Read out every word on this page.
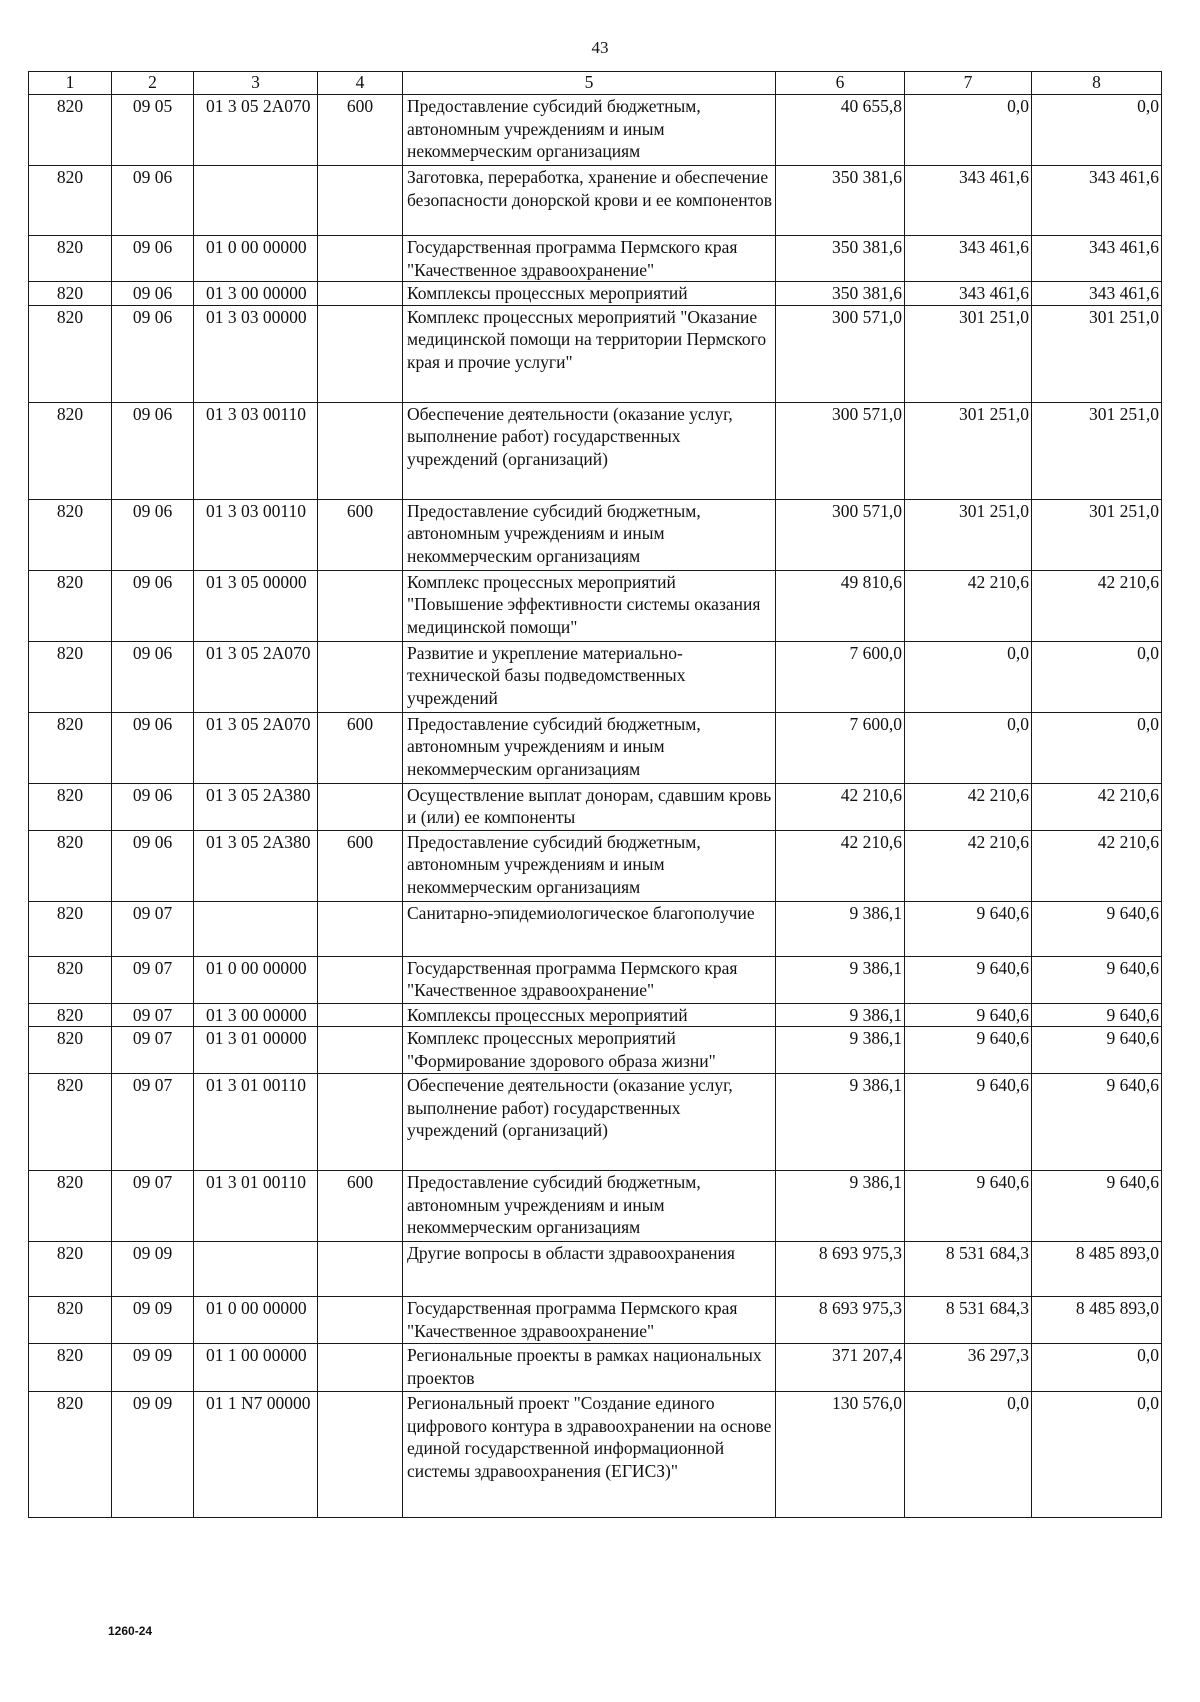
43
1	2	3	4	5	6	7	8
820	09 05	01 3 05 2А070	600	Предоставление субсидий бюджетным, автономным учреждениям и иным некоммерческим организациям	40 655,8	0,0	0,0
820	09 06			Заготовка, переработка, хранение и обеспечение безопасности донорской крови и ее компонентов	350 381,6	343 461,6	343 461,6
820	09 06	01 0 00 00000		Государственная программа Пермского края "Качественное здравоохранение"	350 381,6	343 461,6	343 461,6
820	09 06	01 3 00 00000		Комплексы процессных мероприятий	350 381,6	343 461,6	343 461,6
820	09 06	01 3 03 00000		Комплекс процессных мероприятий "Оказание медицинской помощи на территории Пермского края и прочие услуги"	300 571,0	301 251,0	301 251,0
820	09 06	01 3 03 00110		Обеспечение деятельности (оказание услуг, выполнение работ) государственных учреждений (организаций)	300 571,0	301 251,0	301 251,0
820	09 06	01 3 03 00110	600	Предоставление субсидий бюджетным, автономным учреждениям и иным некоммерческим организациям	300 571,0	301 251,0	301 251,0
820	09 06	01 3 05 00000		Комплекс процессных мероприятий "Повышение эффективности системы оказания медицинской помощи"	49 810,6	42 210,6	42 210,6
820	09 06	01 3 05 2А070		Развитие и укрепление материально-технической базы подведомственных учреждений	7 600,0	0,0	0,0
820	09 06	01 3 05 2А070	600	Предоставление субсидий бюджетным, автономным учреждениям и иным некоммерческим организациям	7 600,0	0,0	0,0
820	09 06	01 3 05 2А380		Осуществление выплат донорам, сдавшим кровь и (или) ее компоненты	42 210,6	42 210,6	42 210,6
820	09 06	01 3 05 2А380	600	Предоставление субсидий бюджетным, автономным учреждениям и иным некоммерческим организациям	42 210,6	42 210,6	42 210,6
820	09 07			Санитарно-эпидемиологическое благополучие	9 386,1	9 640,6	9 640,6
820	09 07	01 0 00 00000		Государственная программа Пермского края "Качественное здравоохранение"	9 386,1	9 640,6	9 640,6
820	09 07	01 3 00 00000		Комплексы процессных мероприятий	9 386,1	9 640,6	9 640,6
820	09 07	01 3 01 00000		Комплекс процессных мероприятий "Формирование здорового образа жизни"	9 386,1	9 640,6	9 640,6
820	09 07	01 3 01 00110		Обеспечение деятельности (оказание услуг, выполнение работ) государственных учреждений (организаций)	9 386,1	9 640,6	9 640,6
820	09 07	01 3 01 00110	600	Предоставление субсидий бюджетным, автономным учреждениям и иным некоммерческим организациям	9 386,1	9 640,6	9 640,6
820	09 09			Другие вопросы в области здравоохранения	8 693 975,3	8 531 684,3	8 485 893,0
820	09 09	01 0 00 00000		Государственная программа Пермского края "Качественное здравоохранение"	8 693 975,3	8 531 684,3	8 485 893,0
820	09 09	01 1 00 00000		Региональные проекты в рамках национальных проектов	371 207,4	36 297,3	0,0
820	09 09	01 1 N7 00000		Региональный проект "Создание единого цифрового контура в здравоохранении на основе единой государственной информационной системы здравоохранения (ЕГИСЗ)"	130 576,0	0,0	0,0
1260-24
